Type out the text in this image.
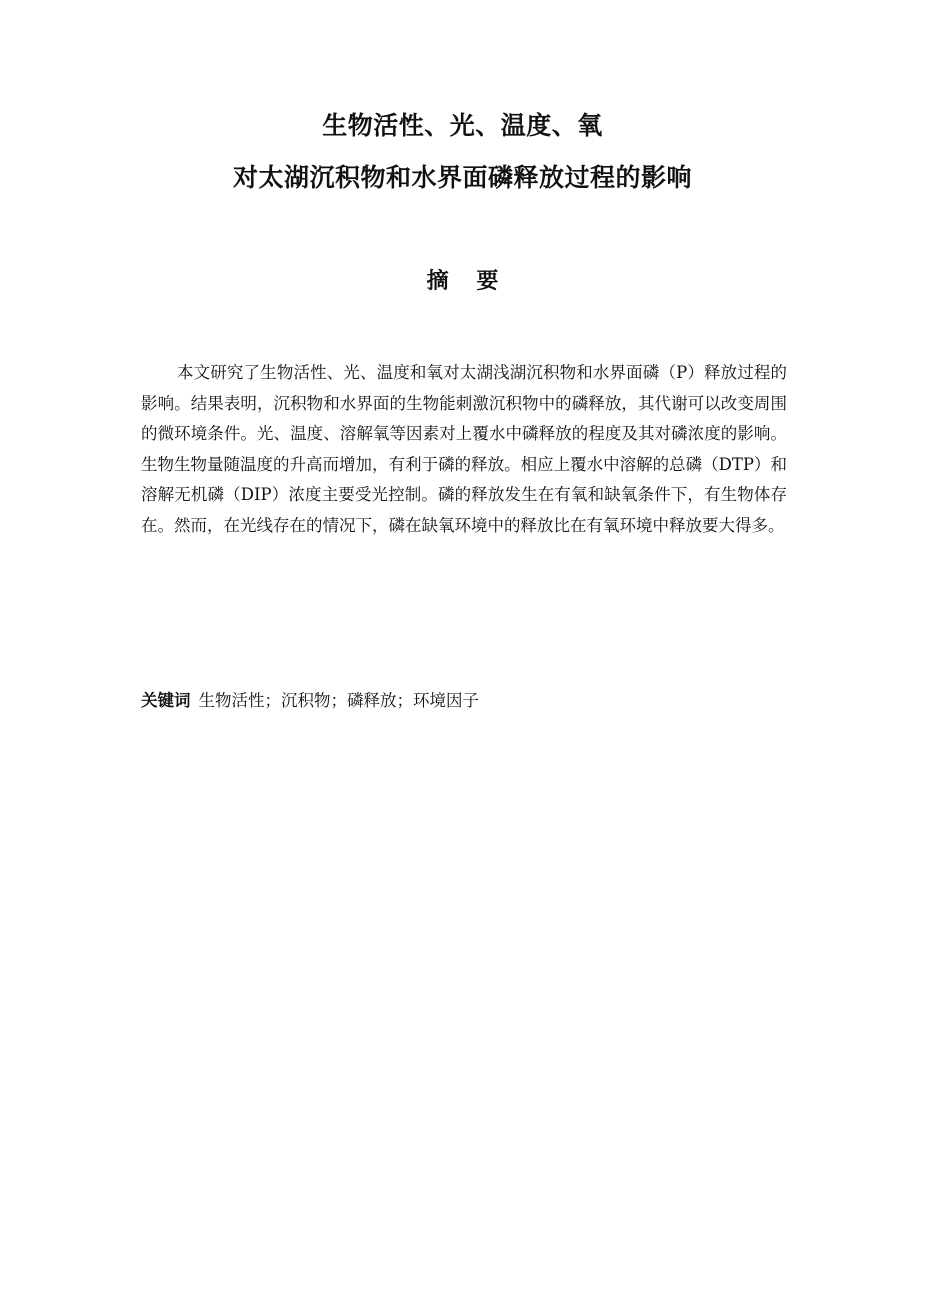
生物活性、光、温度、氧
对太湖沉积物和水界面磷释放过程的影响
摘 要

本文研究了生物活性、光、温度和氧对太湖浅湖沉积物和水界面磷（P）释放过程的影响。结果表明，沉积物和水界面的生物能刺激沉积物中的磷释放，其代谢可以改变周围的微环境条件。光、温度、溶解氧等因素对上覆水中磷释放的程度及其对磷浓度的影响。生物生物量随温度的升高而增加，有利于磷的释放。相应上覆水中溶解的总磷（DTP）和溶解无机磷（DIP）浓度主要受光控制。磷的释放发生在有氧和缺氧条件下，有生物体存在。然而，在光线存在的情况下，磷在缺氧环境中的释放比在有氧环境中释放要大得多。

关键词 生物活性；沉积物；磷释放；环境因子
